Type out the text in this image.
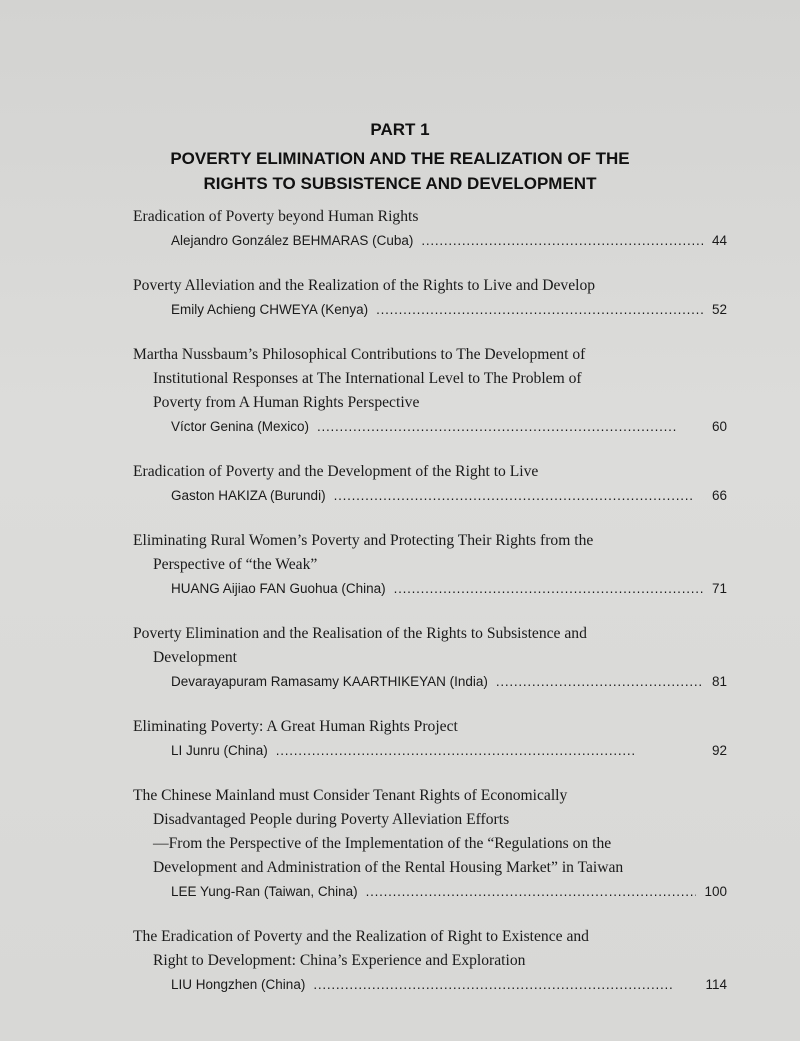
PART 1
POVERTY ELIMINATION AND THE REALIZATION OF THE
RIGHTS TO SUBSISTENCE AND DEVELOPMENT
Eradication of Poverty beyond Human Rights
Alejandro González BEHMARAS (Cuba) . . .	44
Poverty Alleviation and the Realization of the Rights to Live and Develop
Emily Achieng CHWEYA (Kenya) . . .	52
Martha Nussbaum’s Philosophical Contributions to The Development of
Institutional Responses at The International Level to The Problem of
Poverty from A Human Rights Perspective
Víctor Genina (Mexico) . . .	60
Eradication of Poverty and the Development of the Right to Live
Gaston HAKIZA (Burundi) . . .	66
Eliminating Rural Women’s Poverty and Protecting Their Rights from the
Perspective of “the Weak”
HUANG Aijiao FAN Guohua (China) . . .	71
Poverty Elimination and the Realisation of the Rights to Subsistence and
Development
Devarayapuram Ramasamy KAARTHIKEYAN (India) . . .	81
Eliminating Poverty: A Great Human Rights Project
LI Junru (China) . . .	92
The Chinese Mainland must Consider Tenant Rights of Economically
Disadvantaged People during Poverty Alleviation Efforts
—From the Perspective of the Implementation of the “Regulations on the
Development and Administration of the Rental Housing Market” in Taiwan
LEE Yung-Ran (Taiwan, China) . . .	100
The Eradication of Poverty and the Realization of Right to Existence and
Right to Development: China’s Experience and Exploration
LIU Hongzhen (China) . . .	114
